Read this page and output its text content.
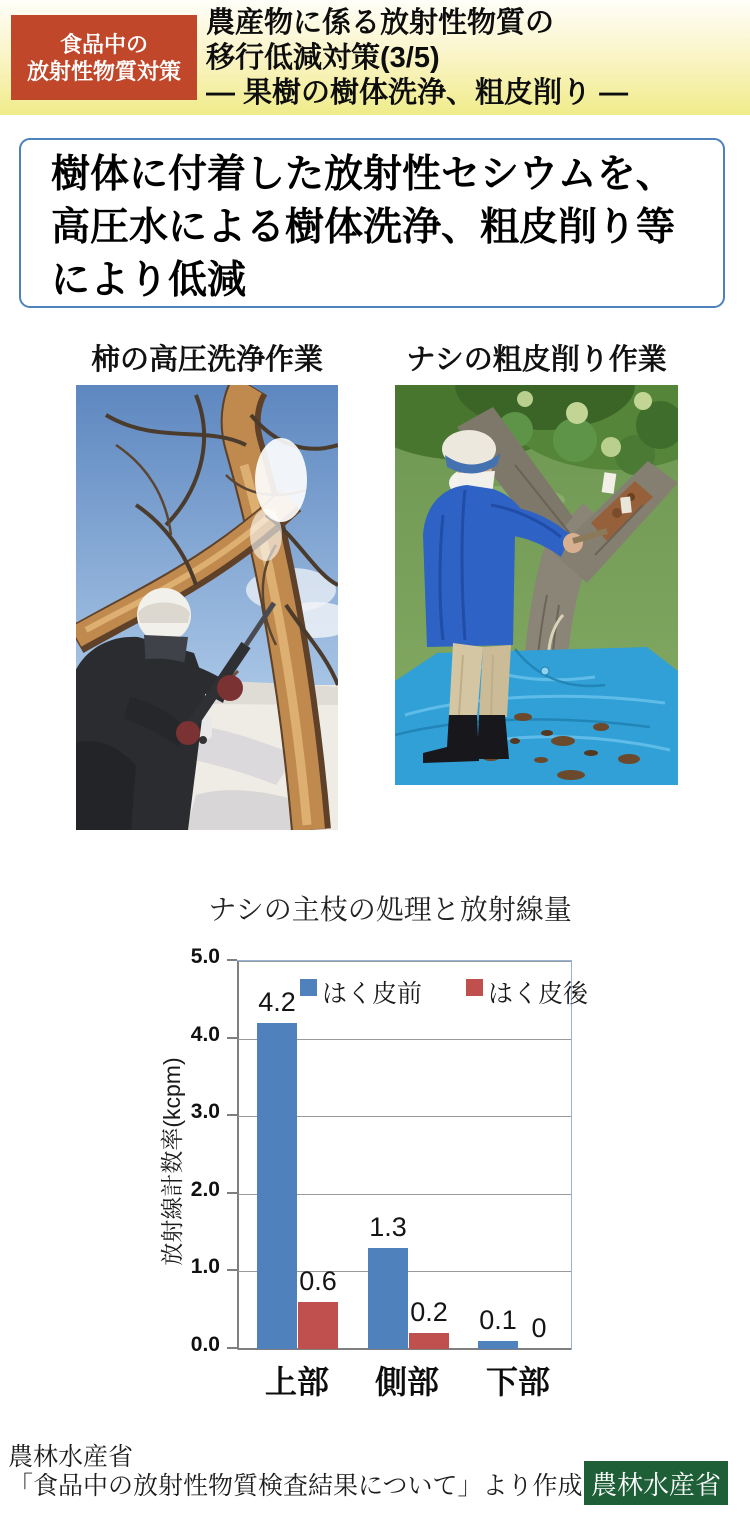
食品中の
放射性物質対策
農産物に係る放射性物質の
移行低減対策(3/5)
― 果樹の樹体洗浄、粗皮削り ―

樹体に付着した放射性セシウムを、

高圧水による樹体洗浄、粗皮削り等

により低減

柿の高圧洗浄作業	ナシの粗皮削り作業
ナシの主枝の処理と放射線量
放射線計数率(kcpm)
4.2
1.3
0.1
0.6
0.2
0
はく皮前	はく皮後
5.0
4.0
3.0
2.0
1.0
0.0
上部	側部	下部
農林水産省
「食品中の放射性物質検査結果について」より作成 農林水産省
